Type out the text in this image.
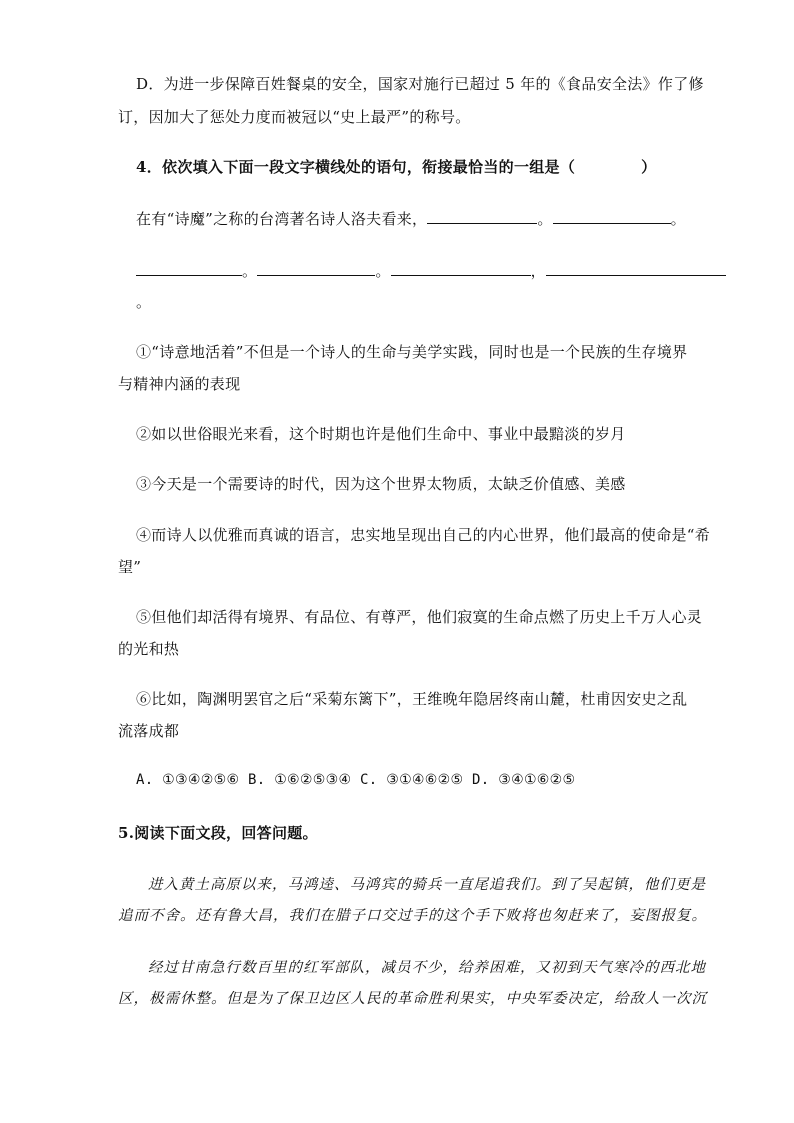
D．为进一步保障百姓餐桌的安全，国家对施行已超过 5 年的《食品安全法》作了修
订，因加大了惩处力度而被冠以“史上最严”的称号。
4．依次填入下面一段文字横线处的语句，衔接最恰当的一组是（	）
在有“诗魔”之称的台湾著名诗人洛夫看来，	。	。
。	。	，
。
①“诗意地活着”不但是一个诗人的生命与美学实践，同时也是一个民族的生存境界
与精神内涵的表现
②如以世俗眼光来看，这个时期也许是他们生命中、事业中最黯淡的岁月
③今天是一个需要诗的时代，因为这个世界太物质，太缺乏价值感、美感
④而诗人以优雅而真诚的语言，忠实地呈现出自己的内心世界，他们最高的使命是“希
望”
⑤但他们却活得有境界、有品位、有尊严，他们寂寞的生命点燃了历史上千万人心灵
的光和热
⑥比如，陶渊明罢官之后“采菊东篱下”，王维晚年隐居终南山麓，杜甫因安史之乱
流落成都
A. ①③④②⑤⑥ B. ①⑥②⑤③④ C. ③①④⑥②⑤ D. ③④①⑥②⑤
5.阅读下面文段，回答问题。
进入黄土高原以来，马鸿逵、马鸿宾的骑兵一直尾追我们。到了吴起镇，他们更是
追而不舍。还有鲁大昌，我们在腊子口交过手的这个手下败将也匆赶来了，妄图报复。
经过甘南急行数百里的红军部队，减员不少，给养困难，又初到天气寒冷的西北地
区，极需休整。但是为了保卫边区人民的革命胜利果实，中央军委决定，给敌人一次沉
